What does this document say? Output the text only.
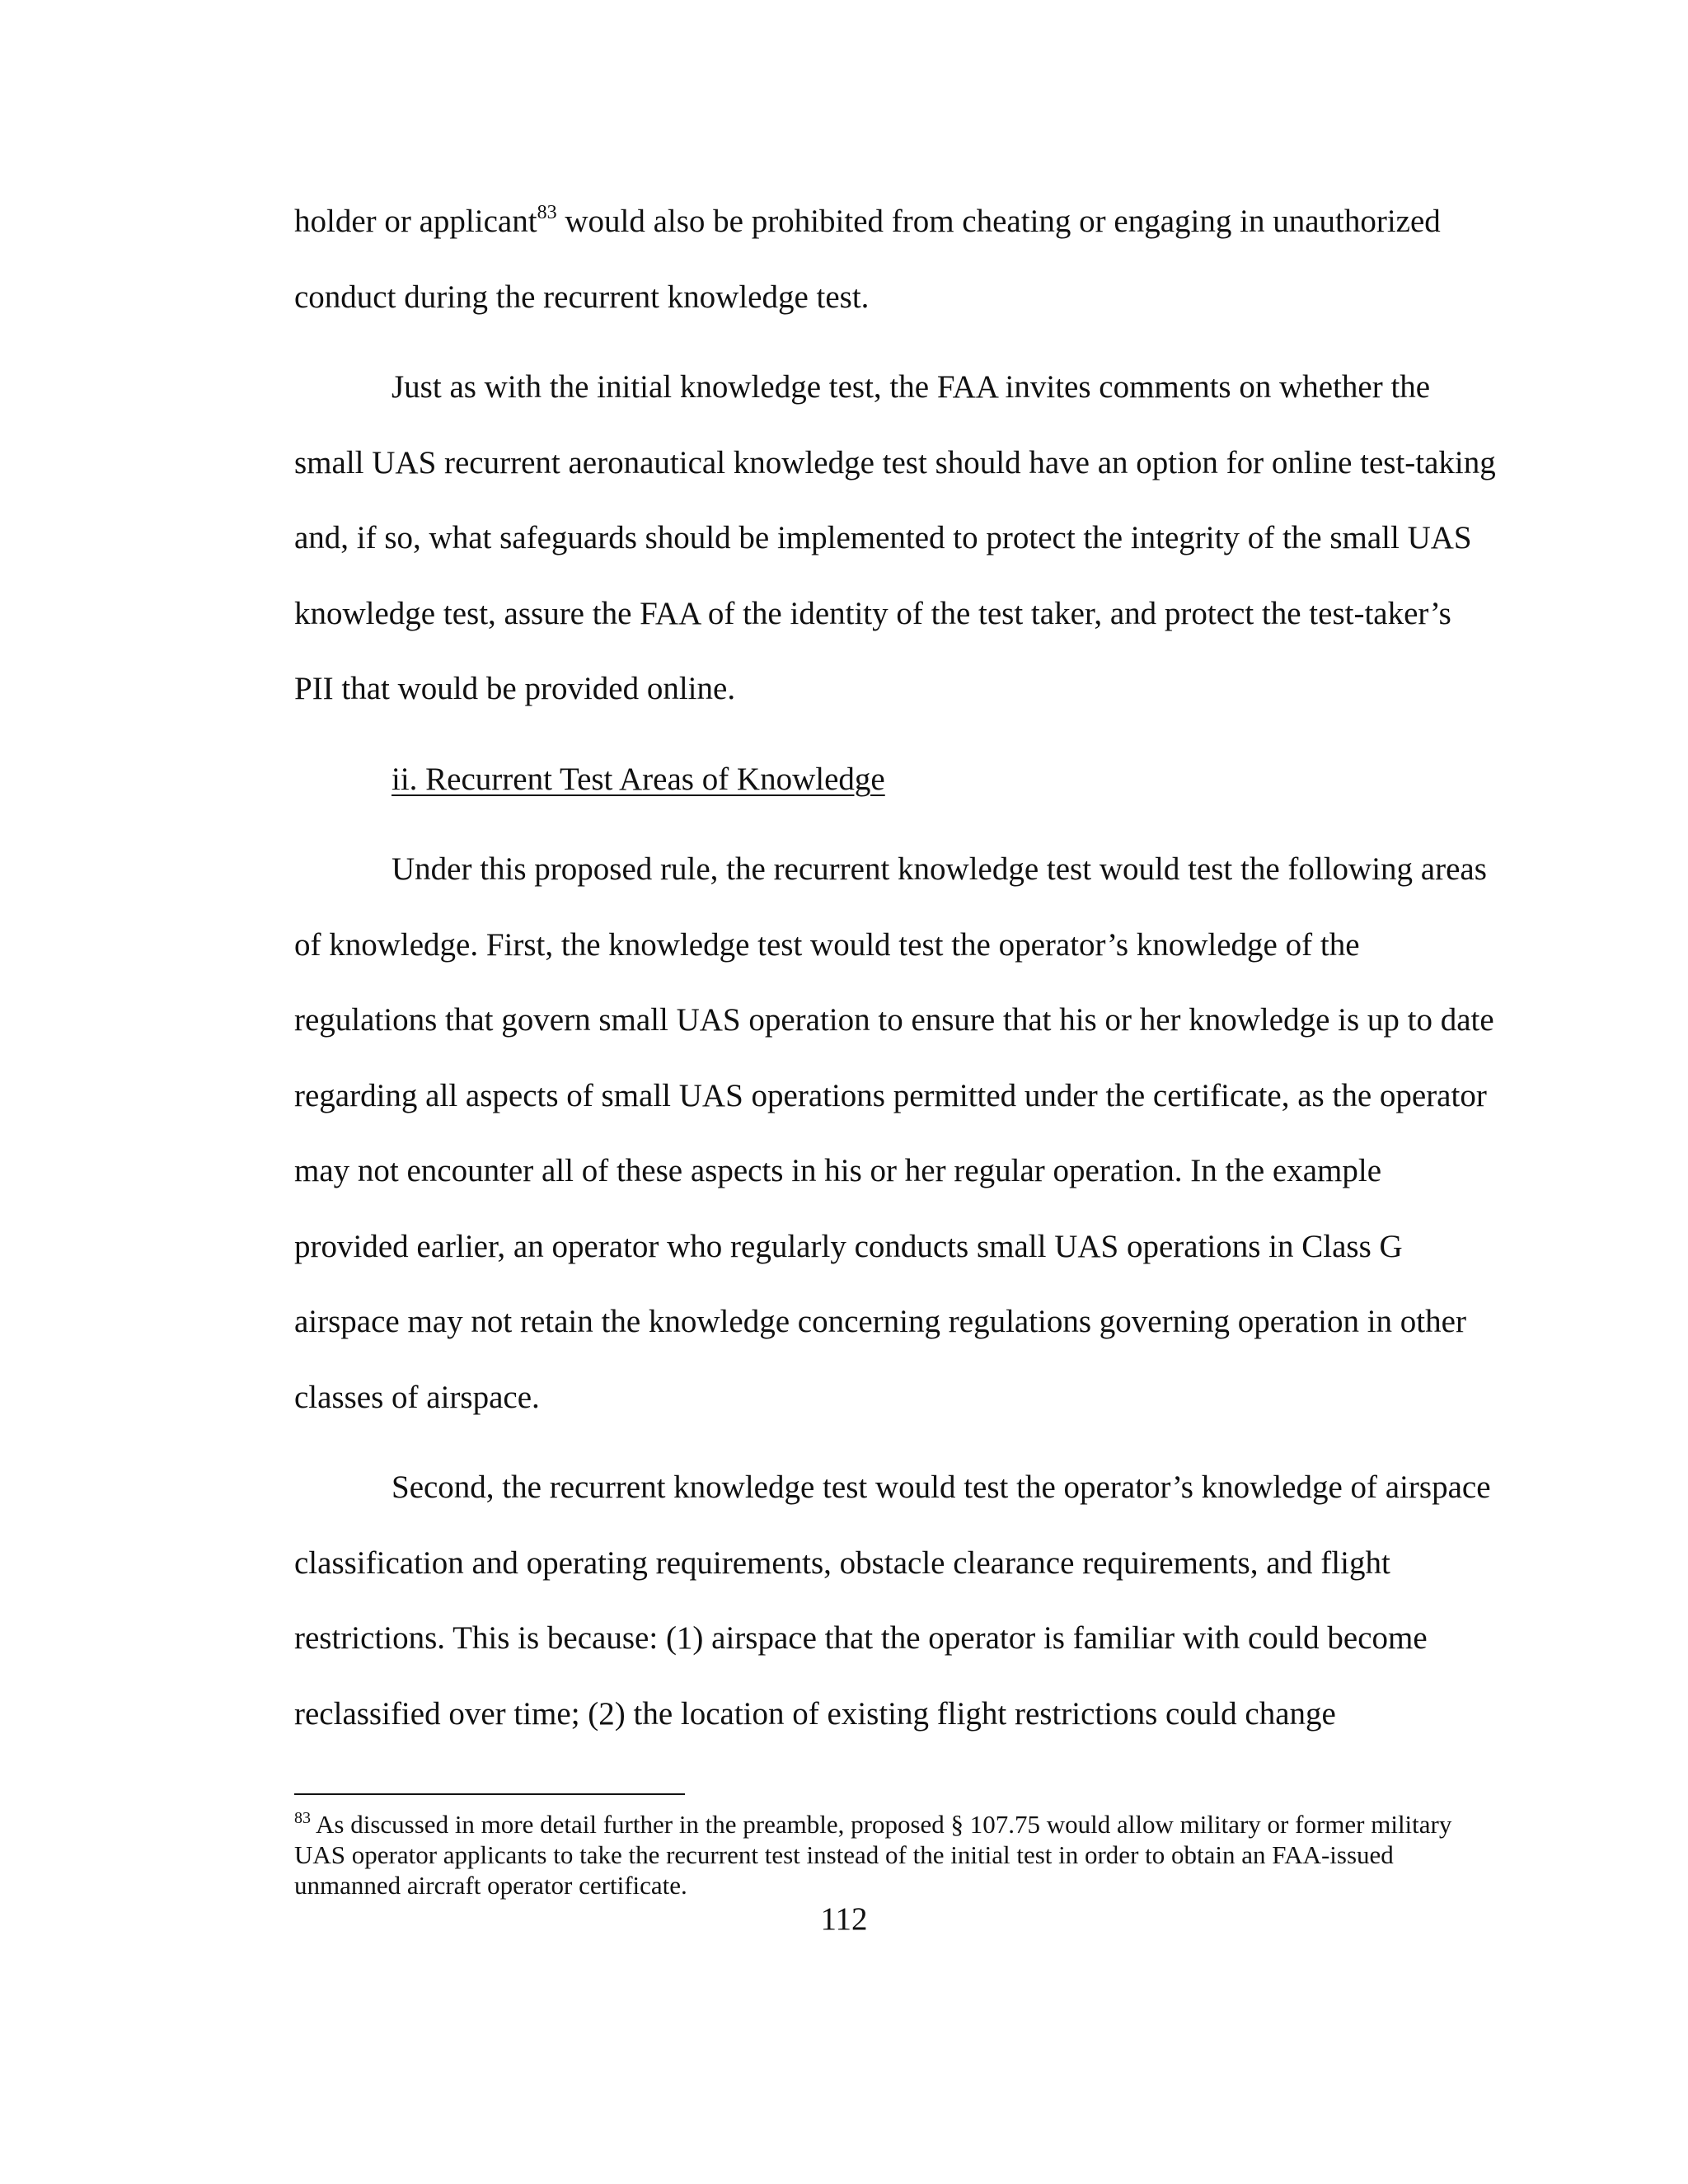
holder or applicant$^{83}$ would also be prohibited from cheating or engaging in unauthorized conduct during the recurrent knowledge test.

Just as with the initial knowledge test, the FAA invites comments on whether the small UAS recurrent aeronautical knowledge test should have an option for online test-taking and, if so, what safeguards should be implemented to protect the integrity of the small UAS knowledge test, assure the FAA of the identity of the test taker, and protect the test-taker’s PII that would be provided online.

ii. Recurrent Test Areas of Knowledge

Under this proposed rule, the recurrent knowledge test would test the following areas of knowledge. First, the knowledge test would test the operator’s knowledge of the regulations that govern small UAS operation to ensure that his or her knowledge is up to date regarding all aspects of small UAS operations permitted under the certificate, as the operator may not encounter all of these aspects in his or her regular operation. In the example provided earlier, an operator who regularly conducts small UAS operations in Class G airspace may not retain the knowledge concerning regulations governing operation in other classes of airspace.

Second, the recurrent knowledge test would test the operator’s knowledge of airspace classification and operating requirements, obstacle clearance requirements, and flight restrictions. This is because: (1) airspace that the operator is familiar with could become reclassified over time; (2) the location of existing flight restrictions could change

$^{83}$ As discussed in more detail further in the preamble, proposed § 107.75 would allow military or former military UAS operator applicants to take the recurrent test instead of the initial test in order to obtain an FAA-issued unmanned aircraft operator certificate.
112
